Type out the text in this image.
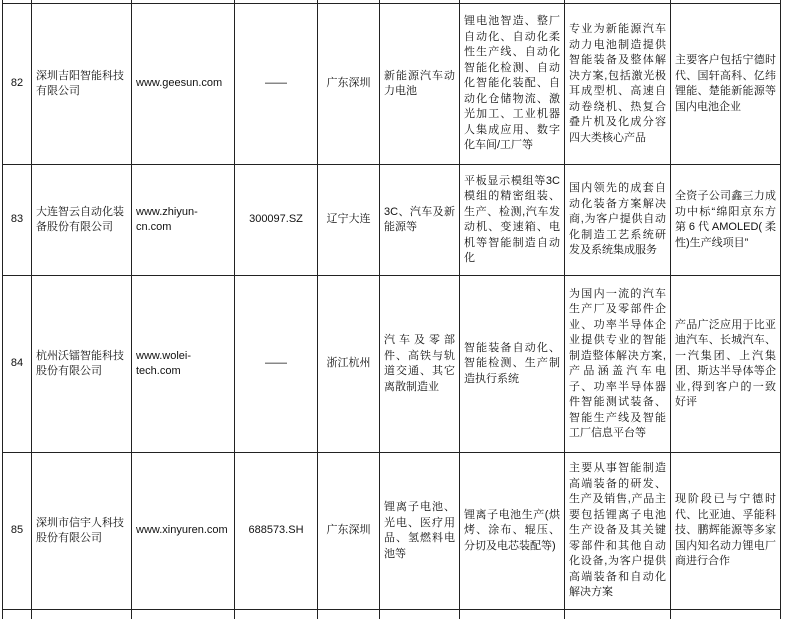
82	深圳吉阳智能科技有限公司	www.geesun.com	——	广东深圳	新能源汽车动力电池	锂电池智造、整厂自动化、自动化柔性生产线、自动化智能化检测、自动化智能化装配、自动化仓储物流、激光加工、工业机器人集成应用、数字化车间/工厂等	专业为新能源汽车动力电池制造提供智能装备及整体解决方案,包括激光极耳成型机、高速自动卷绕机、热复合叠片机及化成分容四大类核心产品	主要客户包括宁德时代、国轩高科、亿纬锂能、楚能新能源等国内电池企业
83	大连智云自动化装备股份有限公司	www.zhiyun-cn.com	300097.SZ	辽宁大连	3C、汽车及新能源等	平板显示模组等3C模组的精密组装、生产、检测,汽车发动机、变速箱、电机等智能制造自动化	国内领先的成套自动化装备方案解决商,为客户提供自动化制造工艺系统研发及系统集成服务	全资子公司鑫三力成功中标“绵阳京东方第6代AMOLED(柔性)生产线项目”
84	杭州沃镭智能科技股份有限公司	www.wolei-tech.com	——	浙江杭州	汽车及零部件、高铁与轨道交通、其它离散制造业	智能装备自动化、智能检测、生产制造执行系统	为国内一流的汽车生产厂及零部件企业、功率半导体企业提供专业的智能制造整体解决方案,产品涵盖汽车电子、功率半导体器件智能测试装备、智能生产线及智能工厂信息平台等	产品广泛应用于比亚迪汽车、长城汽车、一汽集团、上汽集团、斯达半导体等企业,得到客户的一致好评
85	深圳市信宇人科技股份有限公司	www.xinyuren.com	688573.SH	广东深圳	锂离子电池、光电、医疗用品、氢燃料电池等	锂离子电池生产(烘烤、涂布、辊压、分切及电芯装配等)	主要从事智能制造高端装备的研发、生产及销售,产品主要包括锂离子电池生产设备及其关键零部件和其他自动化设备,为客户提供高端装备和自动化解决方案	现阶段已与宁德时代、比亚迪、孚能科技、鹏辉能源等多家国内知名动力锂电厂商进行合作
